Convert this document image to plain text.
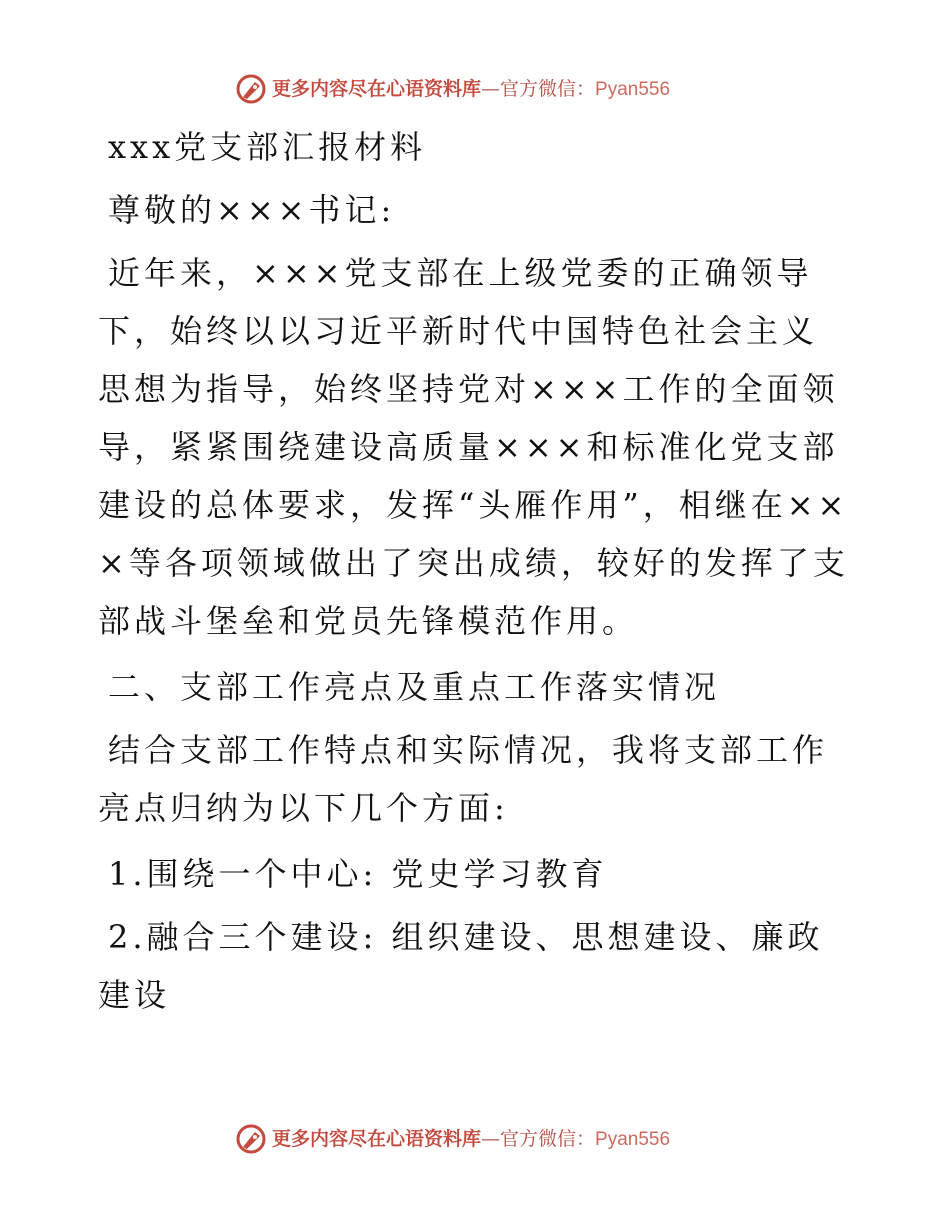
更多内容尽在心语资料库—官方微信：Pyan556

xxx党支部汇报材料

尊敬的×××书记:

近年来，×××党支部在上级党委的正确领导下，始终以以习近平新时代中国特色社会主义思想为指导，始终坚持党对×××工作的全面领导，紧紧围绕建设高质量×××和标准化党支部建设的总体要求，发挥“头雁作用”，相继在×××等各项领域做出了突出成绩，较好的发挥了支部战斗堡垒和党员先锋模范作用。

二、支部工作亮点及重点工作落实情况

结合支部工作特点和实际情况，我将支部工作亮点归纳为以下几个方面:

1.围绕一个中心: 党史学习教育

2.融合三个建设: 组织建设、思想建设、廉政建设

更多内容尽在心语资料库—官方微信：Pyan556
